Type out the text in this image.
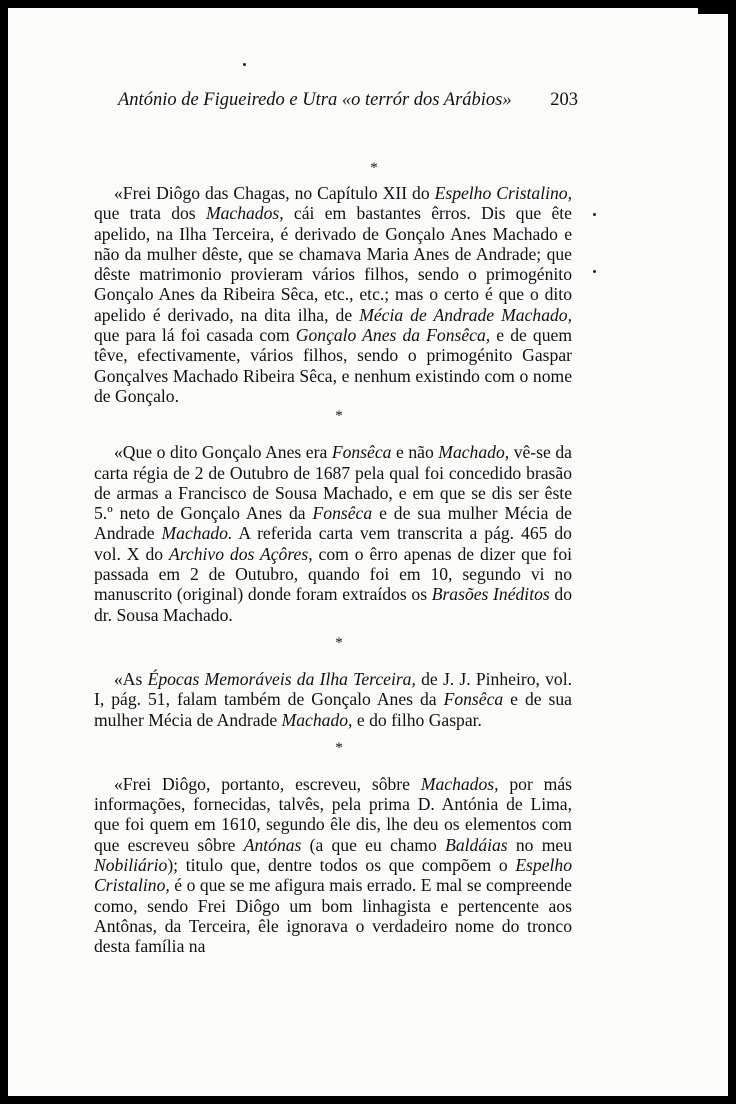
António de Figueiredo e Utra «o terrór dos Arábios» 203
*

«Frei Diôgo das Chagas, no Capítulo XII do Espelho Cristalino, que trata dos Machados, cái em bastantes êrros. Dis que ête apelido, na Ilha Terceira, é derivado de Gonçalo Anes Machado e não da mulher dêste, que se chamava Maria Anes de Andrade; que dêste matrimonio provieram vários filhos, sendo o primogénito Gonçalo Anes da Ribeira Sêca, etc., etc.; mas o certo é que o dito apelido é derivado, na dita ilha, de Mécia de Andrade Machado, que para lá foi casada com Gonçalo Anes da Fonsêca, e de quem têve, efectivamente, vários filhos, sendo o primogénito Gaspar Gonçalves Machado Ribeira Sêca, e nenhum existindo com o nome de Gonçalo.

*

«Que o dito Gonçalo Anes era Fonsêca e não Machado, vê-se da carta régia de 2 de Outubro de 1687 pela qual foi concedido brasão de armas a Francisco de Sousa Machado, e em que se dis ser êste 5.º neto de Gonçalo Anes da Fonsêca e de sua mulher Mécia de Andrade Machado. A referida carta vem transcrita a pág. 465 do vol. X do Archivo dos Açôres, com o êrro apenas de dizer que foi passada em 2 de Outubro, quando foi em 10, segundo vi no manuscrito (original) donde foram extraídos os Brasões Inéditos do dr. Sousa Machado.

*

«As Épocas Memoráveis da Ilha Terceira, de J. J. Pinheiro, vol. I, pág. 51, falam também de Gonçalo Anes da Fonsêca e de sua mulher Mécia de Andrade Machado, e do filho Gaspar.

*

«Frei Diôgo, portanto, escreveu, sôbre Machados, por más informações, fornecidas, talvês, pela prima D. Antónia de Lima, que foi quem em 1610, segundo êle dis, lhe deu os elementos com que escreveu sôbre Antónas (a que eu chamo Baldáias no meu Nobiliário); titulo que, dentre todos os que compõem o Espelho Cristalino, é o que se me afigura mais errado. E mal se compreende como, sendo Frei Diôgo um bom linhagista e pertencente aos Antônas, da Terceira, êle ignorava o verdadeiro nome do tronco desta família na
